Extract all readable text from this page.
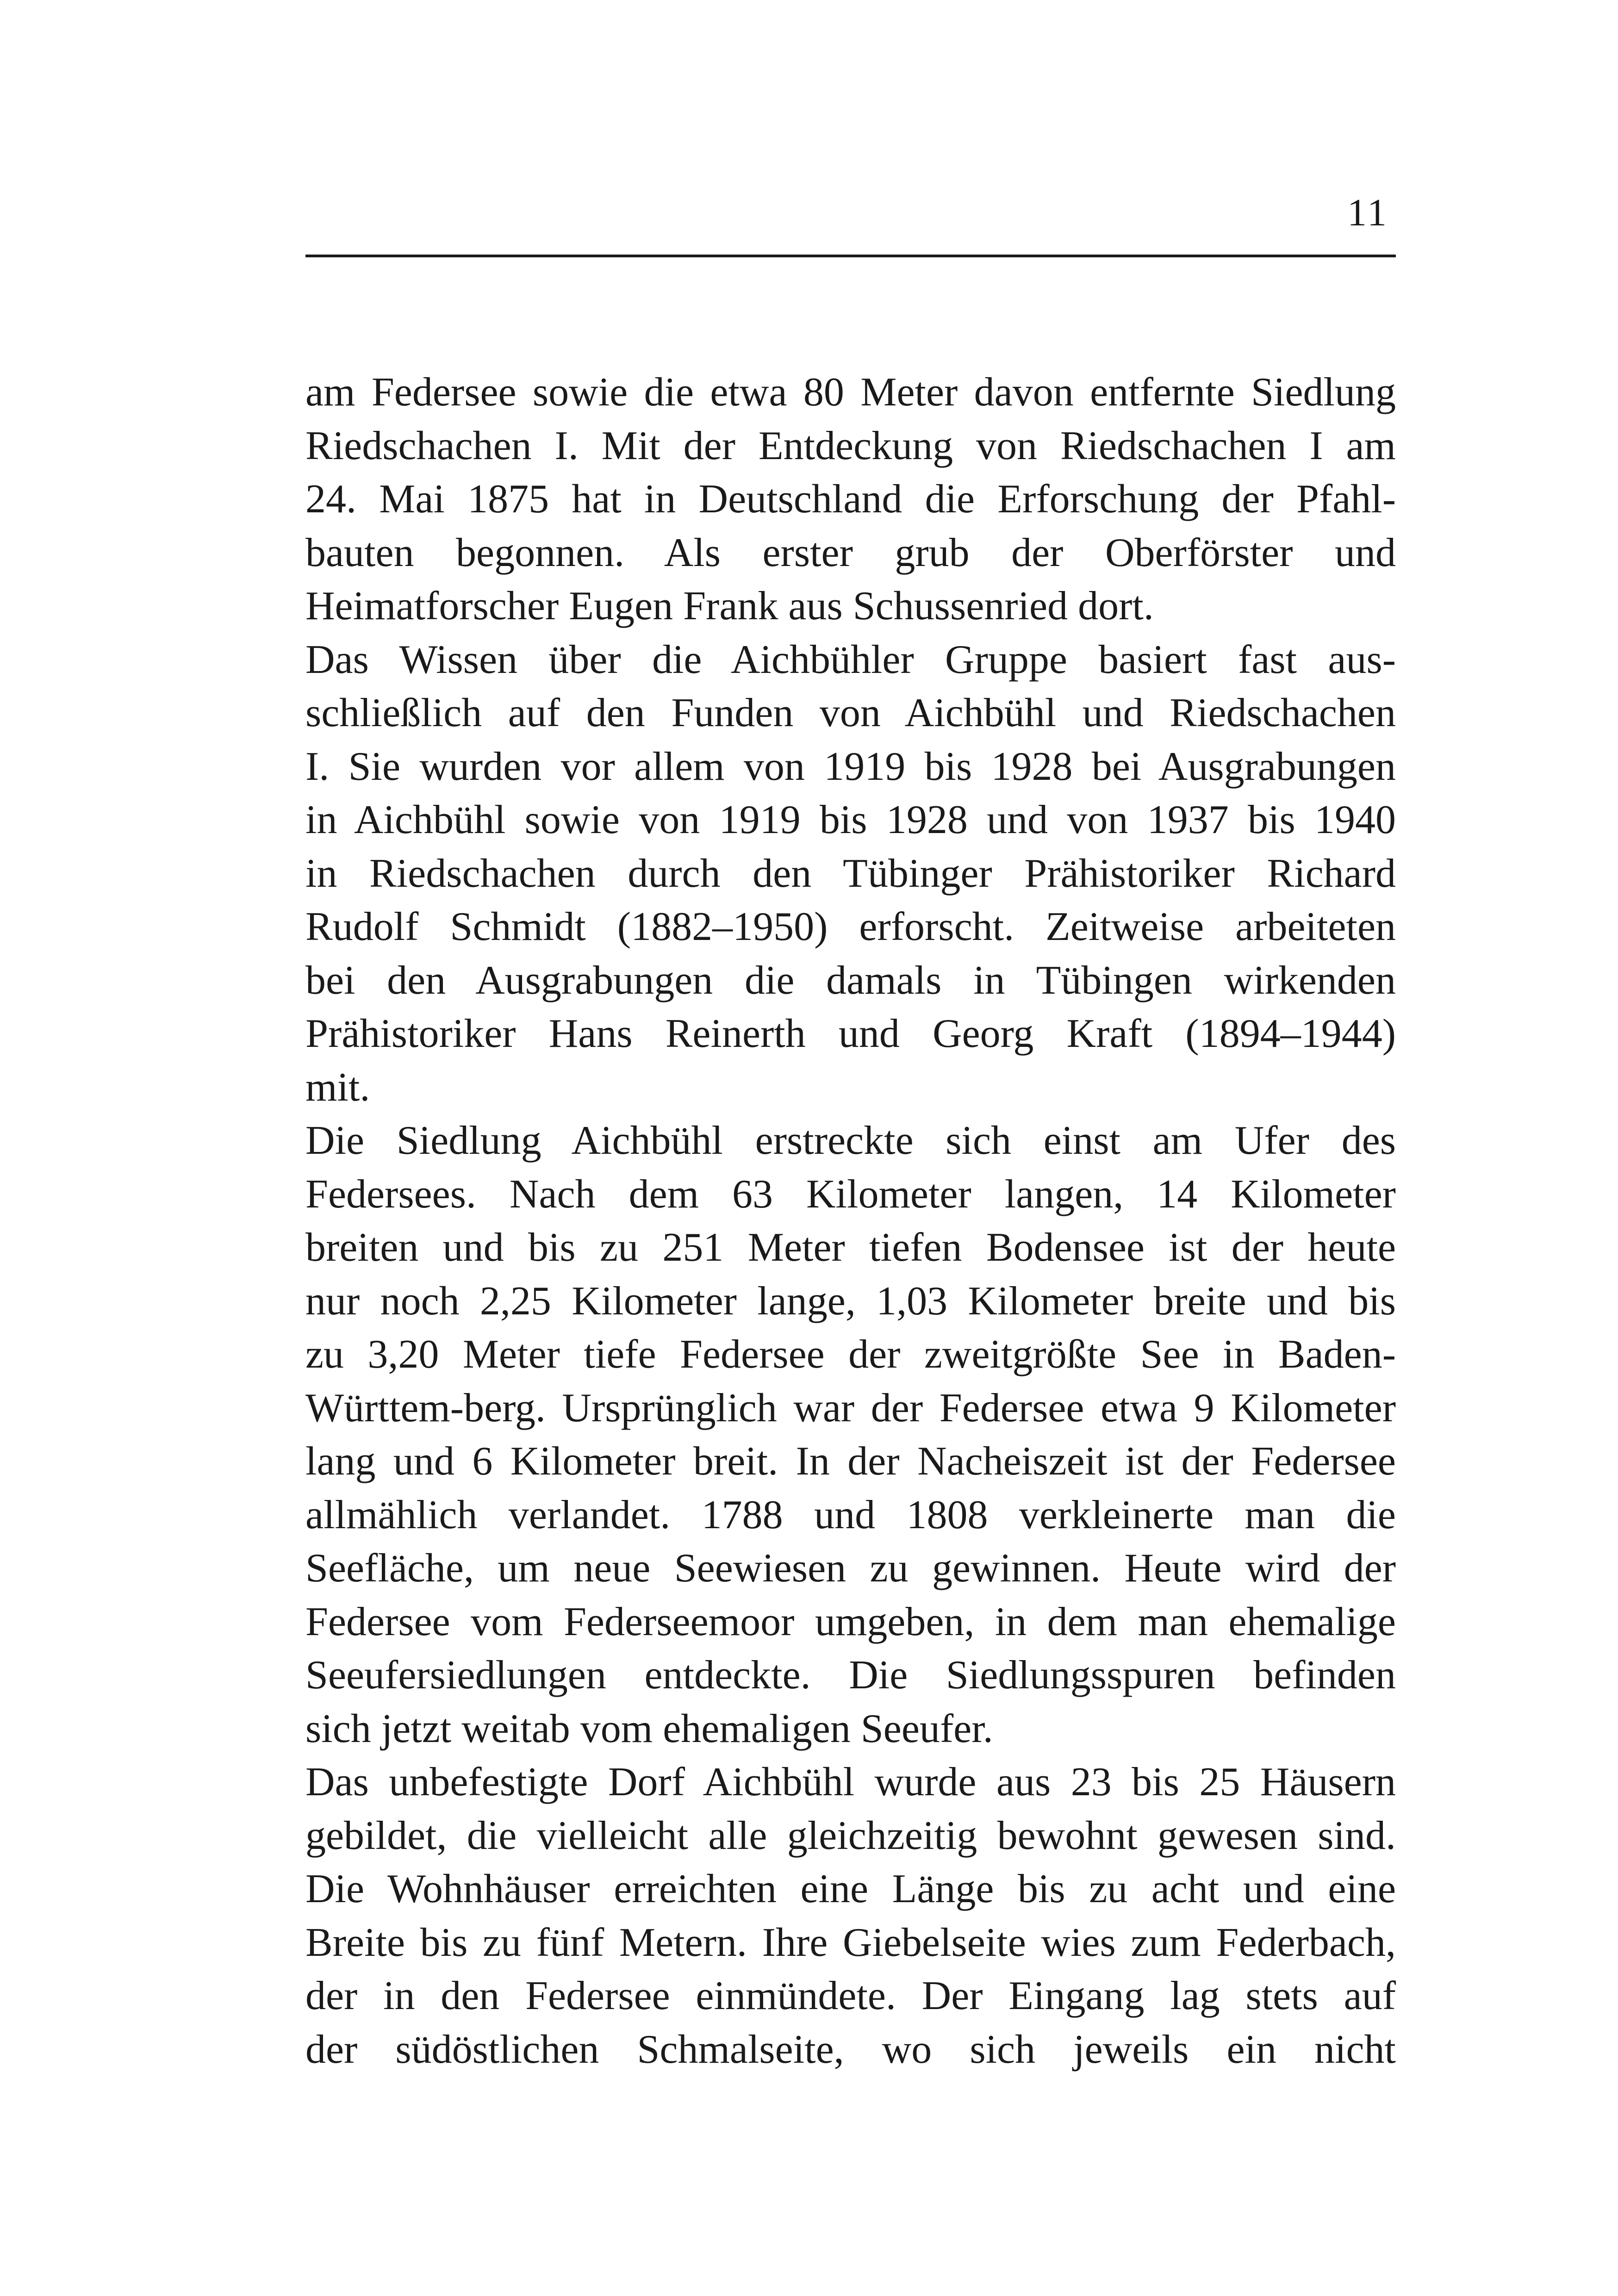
11
am Federsee sowie die etwa 80 Meter davon entfernte Siedlung
Riedschachen I. Mit der Entdeckung von Riedschachen I am
24. Mai 1875 hat in Deutschland die Erforschung der Pfahl-
bauten begonnen. Als erster grub der Oberförster und
Heimatforscher Eugen Frank aus Schussenried dort.
Das Wissen über die Aichbühler Gruppe basiert fast aus-
schließlich auf den Funden von Aichbühl und Riedschachen
I. Sie wurden vor allem von 1919 bis 1928 bei Ausgrabungen
in Aichbühl sowie von 1919 bis 1928 und von 1937 bis 1940
in Riedschachen durch den Tübinger Prähistoriker Richard
Rudolf Schmidt (1882–1950) erforscht. Zeitweise arbeiteten
bei den Ausgrabungen die damals in Tübingen wirkenden
Prähistoriker Hans Reinerth und Georg Kraft (1894–1944)
mit.
Die Siedlung Aichbühl erstreckte sich einst am Ufer des
Federsees. Nach dem 63 Kilometer langen, 14 Kilometer
breiten und bis zu 251 Meter tiefen Bodensee ist der heute
nur noch 2,25 Kilometer lange, 1,03 Kilometer breite und bis
zu 3,20 Meter tiefe Federsee der zweitgrößte See in Baden-
Württem-berg. Ursprünglich war der Federsee etwa 9 Kilometer
lang und 6 Kilometer breit. In der Nacheiszeit ist der Federsee
allmählich verlandet. 1788 und 1808 verkleinerte man die
Seefläche, um neue Seewiesen zu gewinnen. Heute wird der
Federsee vom Federseemoor umgeben, in dem man ehemalige
Seeufersiedlungen entdeckte. Die Siedlungsspuren befinden
sich jetzt weitab vom ehemaligen Seeufer.
Das unbefestigte Dorf Aichbühl wurde aus 23 bis 25 Häusern
gebildet, die vielleicht alle gleichzeitig bewohnt gewesen sind.
Die Wohnhäuser erreichten eine Länge bis zu acht und eine
Breite bis zu fünf Metern. Ihre Giebelseite wies zum Federbach,
der in den Federsee einmündete. Der Eingang lag stets auf
der südöstlichen Schmalseite, wo sich jeweils ein nicht
